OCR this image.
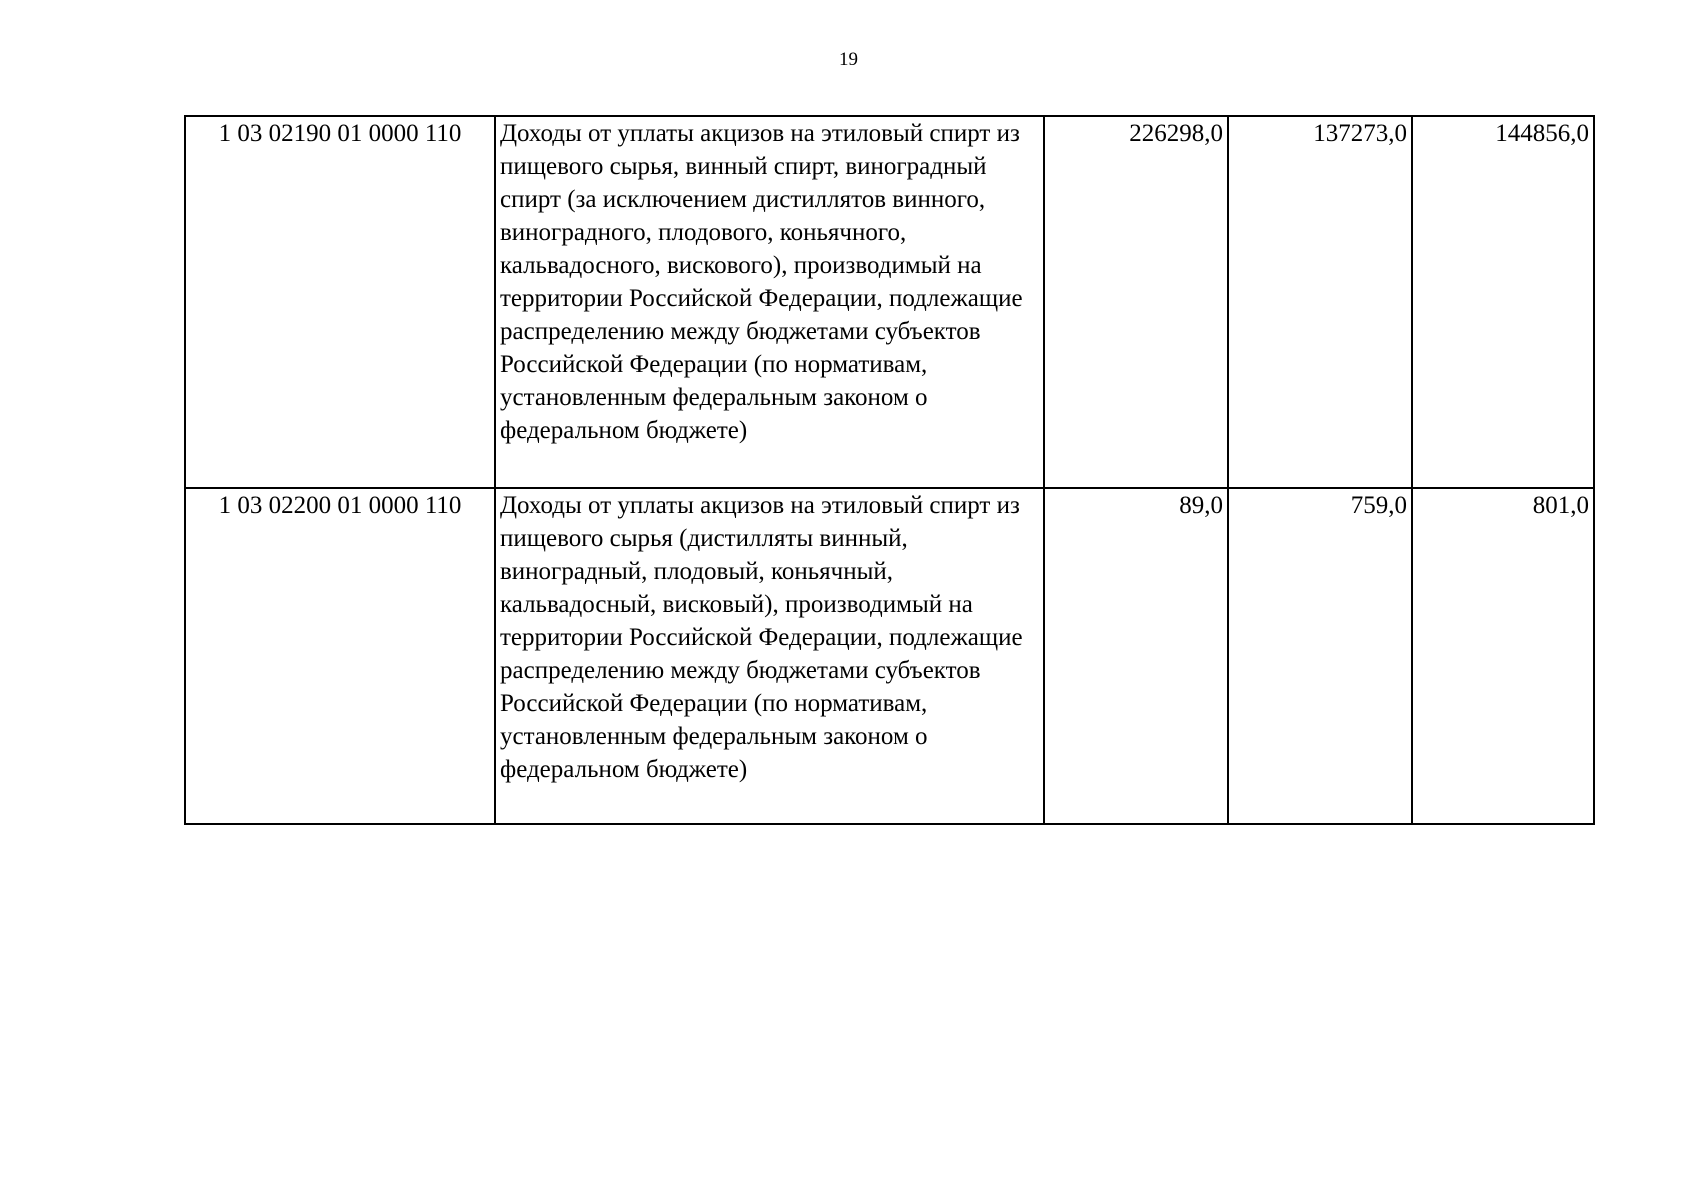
19
1 03 02190 01 0000 110	Доходы от уплаты акцизов на этиловый спирт из пищевого сырья, винный спирт, виноградный спирт (за исключением дистиллятов винного, виноградного, плодового, коньячного, кальвадосного, вискового), производимый на территории Российской Федерации, подлежащие распределению между бюджетами субъектов Российской Федерации (по нормативам, установленным федеральным законом о федеральном бюджете)	226298,0	137273,0	144856,0
1 03 02200 01 0000 110	Доходы от уплаты акцизов на этиловый спирт из пищевого сырья (дистилляты винный, виноградный, плодовый, коньячный, кальвадосный, висковый), производимый на территории Российской Федерации, подлежащие распределению между бюджетами субъектов Российской Федерации (по нормативам, установленным федеральным законом о федеральном бюджете)	89,0	759,0	801,0
